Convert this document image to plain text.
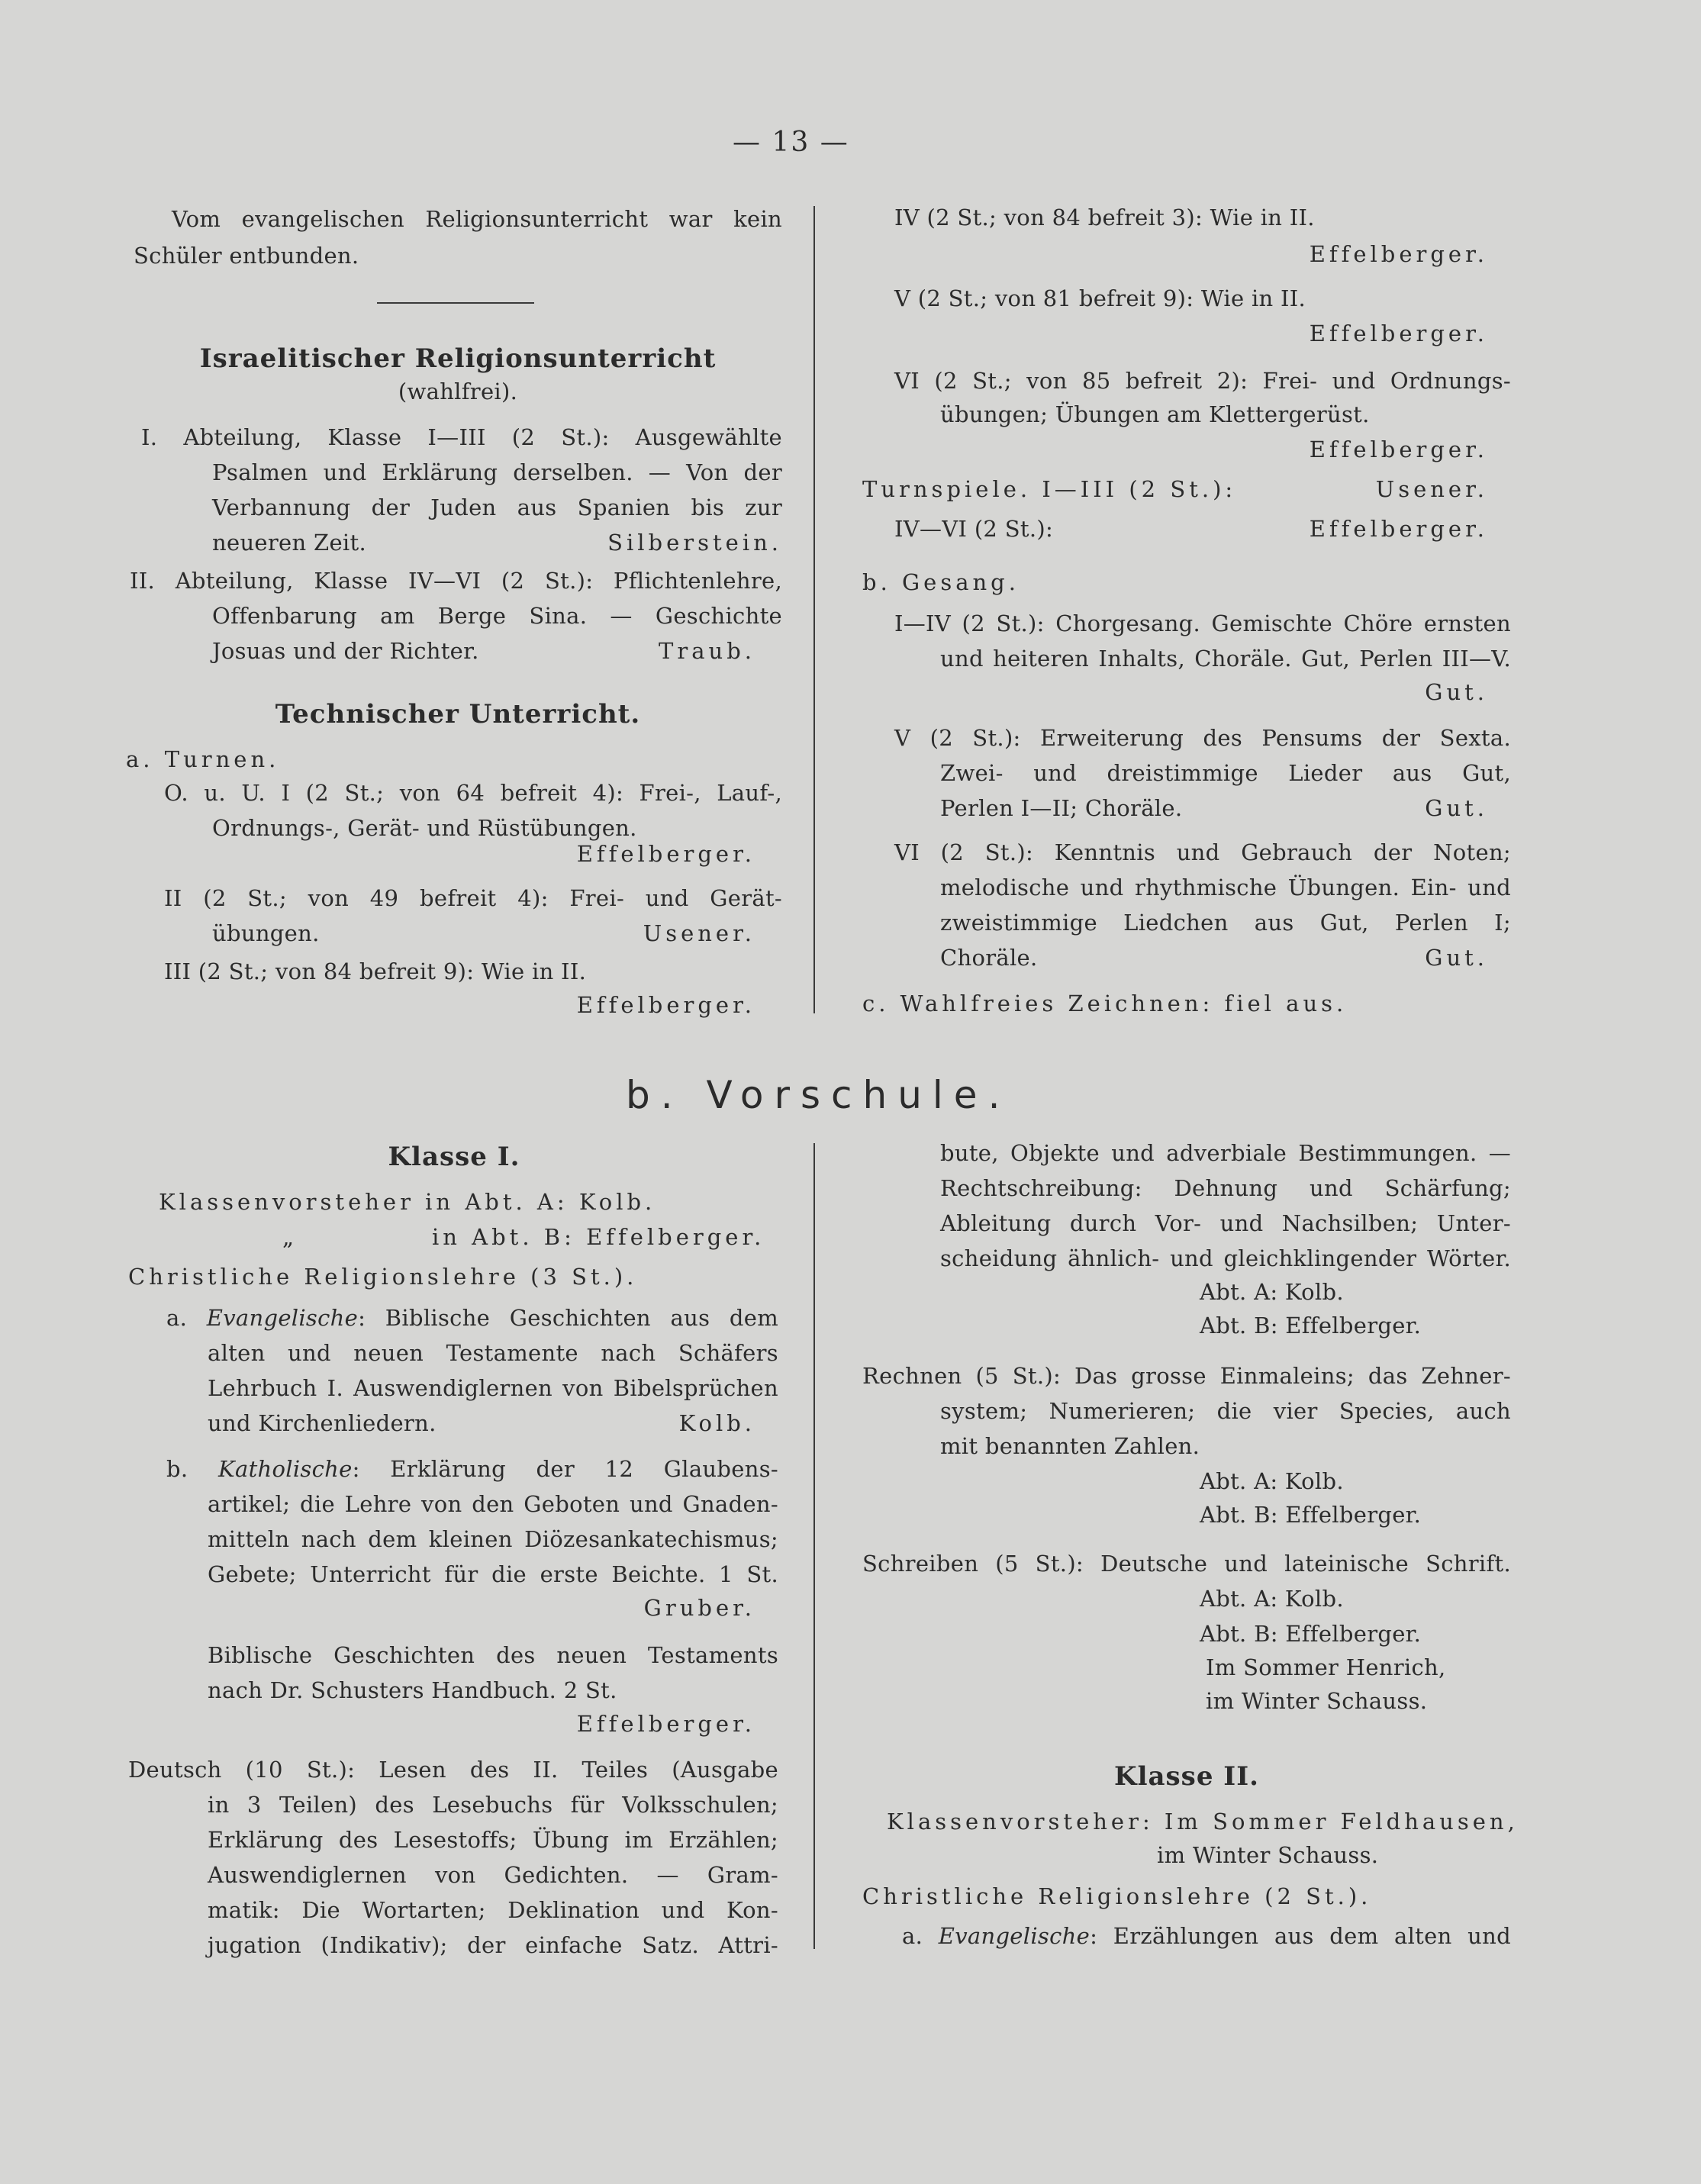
— 13 —
b. Vorschule.
Vom evangelischen Religionsunterricht war kein
Schüler entbunden.
Israelitischer Religionsunterricht
(wahlfrei).
I. Abteilung, Klasse I—III (2 St.): Ausgewählte
Psalmen und Erklärung derselben. — Von der
Verbannung der Juden aus Spanien bis zur
neueren Zeit.	Silberstein.
II. Abteilung, Klasse IV—VI (2 St.): Pflichtenlehre,
Offenbarung am Berge Sina. — Geschichte
Josuas und der Richter.	Traub.
Technischer Unterricht.
a. Turnen.
O. u. U. I (2 St.; von 64 befreit 4): Frei-, Lauf-,
Ordnungs-, Gerät- und Rüstübungen.
Effelberger.
II (2 St.; von 49 befreit 4): Frei- und Gerät-
übungen.	Usener.
III (2 St.; von 84 befreit 9): Wie in II.
Effelberger.
IV (2 St.; von 84 befreit 3): Wie in II.
Effelberger.
V (2 St.; von 81 befreit 9): Wie in II.
Effelberger.
VI (2 St.; von 85 befreit 2): Frei- und Ordnungs-
übungen; Übungen am Klettergerüst.
Effelberger.
Turnspiele. I—III (2 St.):	Usener.
IV—VI (2 St.):	Effelberger.
b. Gesang.
I—IV (2 St.): Chorgesang. Gemischte Chöre ernsten
und heiteren Inhalts, Choräle. Gut, Perlen III—V.
Gut.
V (2 St.): Erweiterung des Pensums der Sexta.
Zwei- und dreistimmige Lieder aus Gut,
Perlen I—II; Choräle.	Gut.
VI (2 St.): Kenntnis und Gebrauch der Noten;
melodische und rhythmische Übungen. Ein- und
zweistimmige Liedchen aus Gut, Perlen I;
Choräle.	Gut.
c. Wahlfreies Zeichnen: fiel aus.
Klasse I.
Klassenvorsteher in Abt. A: Kolb.
„	in Abt. B: Effelberger.
Christliche Religionslehre (3 St.).
a. Evangelische: Biblische Geschichten aus dem
alten und neuen Testamente nach Schäfers
Lehrbuch I. Auswendiglernen von Bibelsprüchen
und Kirchenliedern.	Kolb.
b. Katholische: Erklärung der 12 Glaubens-
artikel; die Lehre von den Geboten und Gnaden-
mitteln nach dem kleinen Diözesankatechismus;
Gebete; Unterricht für die erste Beichte. 1 St.
Gruber.
Biblische Geschichten des neuen Testaments
nach Dr. Schusters Handbuch. 2 St.
Effelberger.
Deutsch (10 St.): Lesen des II. Teiles (Ausgabe
in 3 Teilen) des Lesebuchs für Volksschulen;
Erklärung des Lesestoffs; Übung im Erzählen;
Auswendiglernen von Gedichten. — Gram-
matik: Die Wortarten; Deklination und Kon-
jugation (Indikativ); der einfache Satz. Attri-
bute, Objekte und adverbiale Bestimmungen. —
Rechtschreibung: Dehnung und Schärfung;
Ableitung durch Vor- und Nachsilben; Unter-
scheidung ähnlich- und gleichklingender Wörter.
Abt. A: Kolb.
Abt. B: Effelberger.
Rechnen (5 St.): Das grosse Einmaleins; das Zehner-
system; Numerieren; die vier Species, auch
mit benannten Zahlen.
Abt. A: Kolb.
Abt. B: Effelberger.
Schreiben (5 St.): Deutsche und lateinische Schrift.
Abt. A: Kolb.
Abt. B: Effelberger.
Im Sommer Henrich,
im Winter Schauss.
Klasse II.
Klassenvorsteher: Im Sommer Feldhausen,
im Winter Schauss.
Christliche Religionslehre (2 St.).
a. Evangelische: Erzählungen aus dem alten und
